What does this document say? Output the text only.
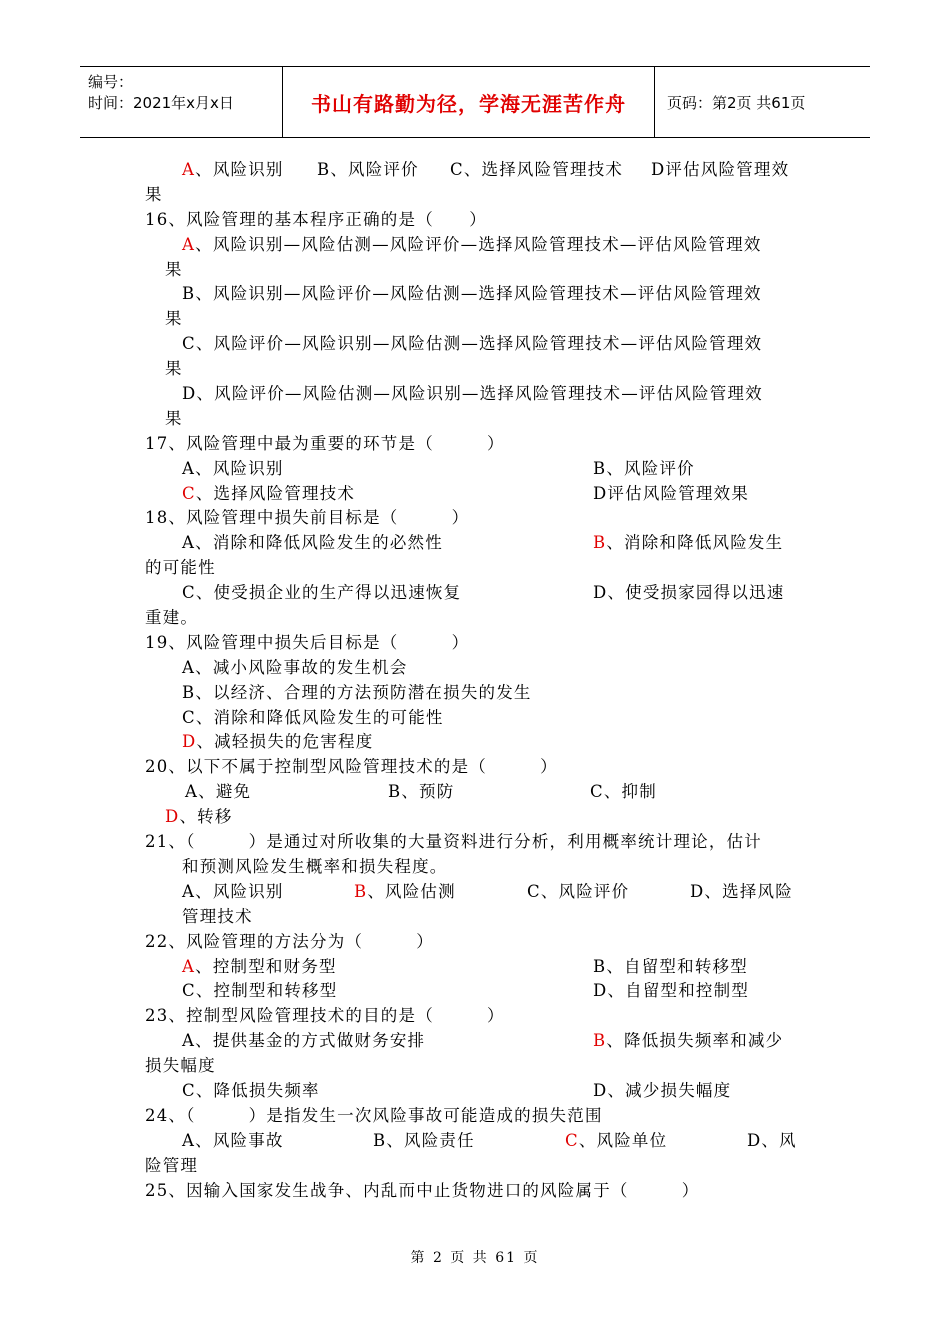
编号：
时间：2021年x月x日	书山有路勤为径，学海无涯苦作舟	页码：第2页 共61页
A、风险识别 B、风险评价 C、选择风险管理技术 D评估风险管理效
果
16、风险管理的基本程序正确的是（　　）
A、风险识别—风险估测—风险评价—选择风险管理技术—评估风险管理效
果
B、风险识别—风险评价—风险估测—选择风险管理技术—评估风险管理效
果
C、风险评价—风险识别—风险估测—选择风险管理技术—评估风险管理效
果
D、风险评价—风险估测—风险识别—选择风险管理技术—评估风险管理效
果
17、风险管理中最为重要的环节是（　　　）
A、风险识别	B、风险评价
C、选择风险管理技术	D评估风险管理效果
18、风险管理中损失前目标是（　　　）
A、消除和降低风险发生的必然性	B、消除和降低风险发生
的可能性
C、使受损企业的生产得以迅速恢复	D、使受损家园得以迅速
重建。
19、风险管理中损失后目标是（　　　）
A、减小风险事故的发生机会
B、以经济、合理的方法预防潜在损失的发生
C、消除和降低风险发生的可能性
D、减轻损失的危害程度
20、以下不属于控制型风险管理技术的是（　　　）
A、避免	B、预防	C、抑制
D、转移
21、（　　　）是通过对所收集的大量资料进行分析，利用概率统计理论，估计
和预测风险发生概率和损失程度。
A、风险识别	B、风险估测	C、风险评价	D、选择风险
管理技术
22、风险管理的方法分为（　　　）
A、控制型和财务型	B、自留型和转移型
C、控制型和转移型	D、自留型和控制型
23、控制型风险管理技术的目的是（　　　）
A、提供基金的方式做财务安排	B、降低损失频率和减少
损失幅度
C、降低损失频率	D、减少损失幅度
24、（　　　）是指发生一次风险事故可能造成的损失范围
A、风险事故	B、风险责任	C、风险单位	D、风
险管理
25、因输入国家发生战争、内乱而中止货物进口的风险属于（　　　）
第 2 页 共 61 页
